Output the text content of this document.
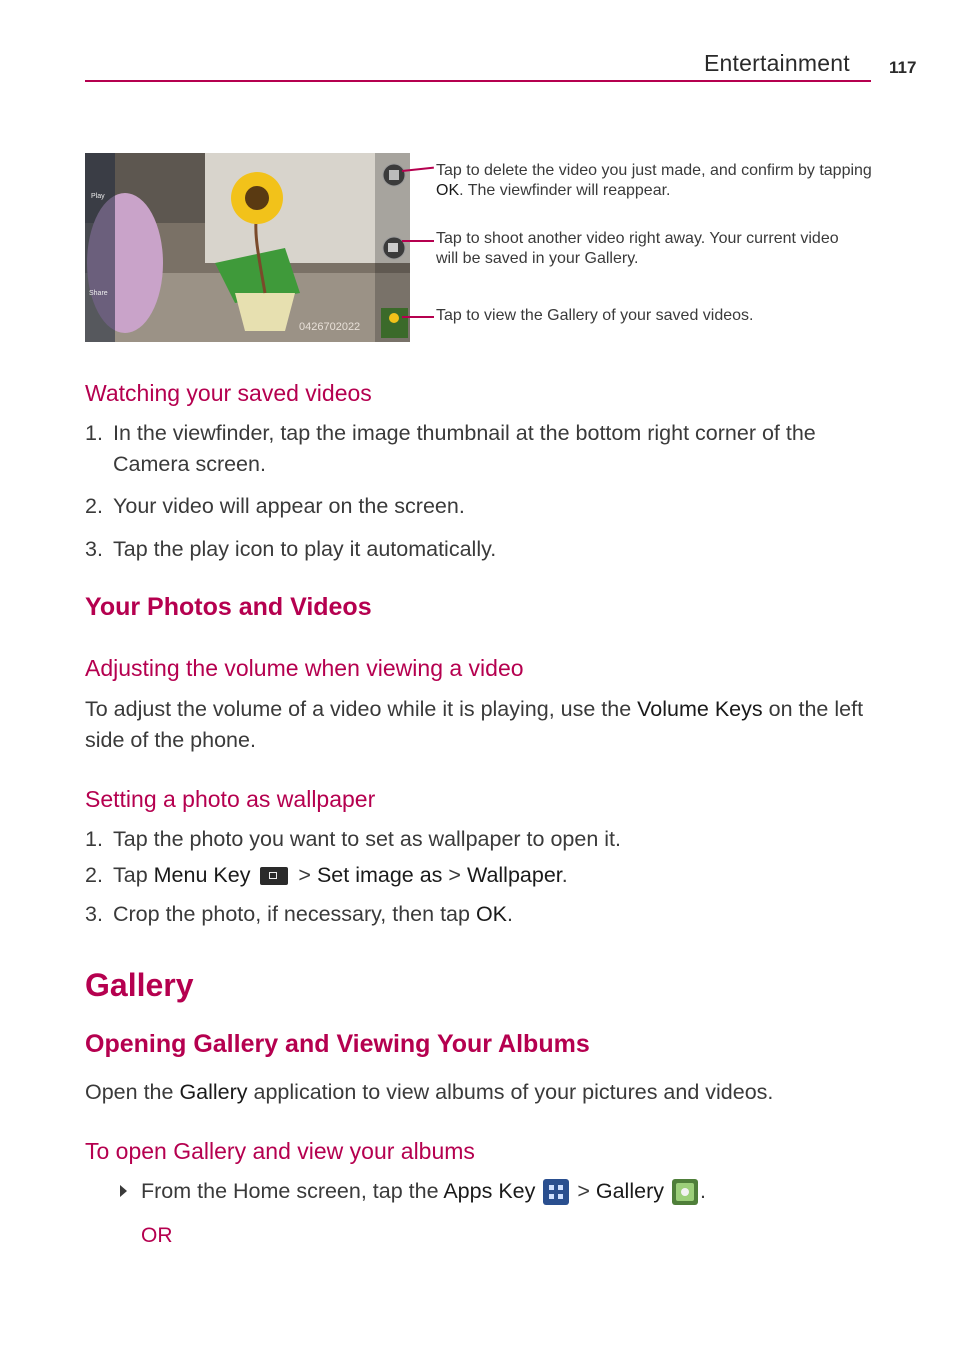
Entertainment 117
Play
Share
0426702022
Tap to delete the video you just made, and confirm by tapping OK. The viewfinder will reappear.
Tap to shoot another video right away. Your current video will be saved in your Gallery.
Tap to view the Gallery of your saved videos.
Watching your saved videos
1. In the viewfinder, tap the image thumbnail at the bottom right corner of the Camera screen.
2. Your video will appear on the screen.
3. Tap the play icon to play it automatically.
Your Photos and Videos
Adjusting the volume when viewing a video
To adjust the volume of a video while it is playing, use the Volume Keys on the left side of the phone.
Setting a photo as wallpaper
1. Tap the photo you want to set as wallpaper to open it.
2. Tap Menu Key
> Set image as > Wallpaper.
3. Crop the photo, if necessary, then tap OK.
Gallery
Opening Gallery and Viewing Your Albums
Open the Gallery application to view albums of your pictures and videos.
To open Gallery and view your albums
From the Home screen, tap the Apps Key
> Gallery .
OR
